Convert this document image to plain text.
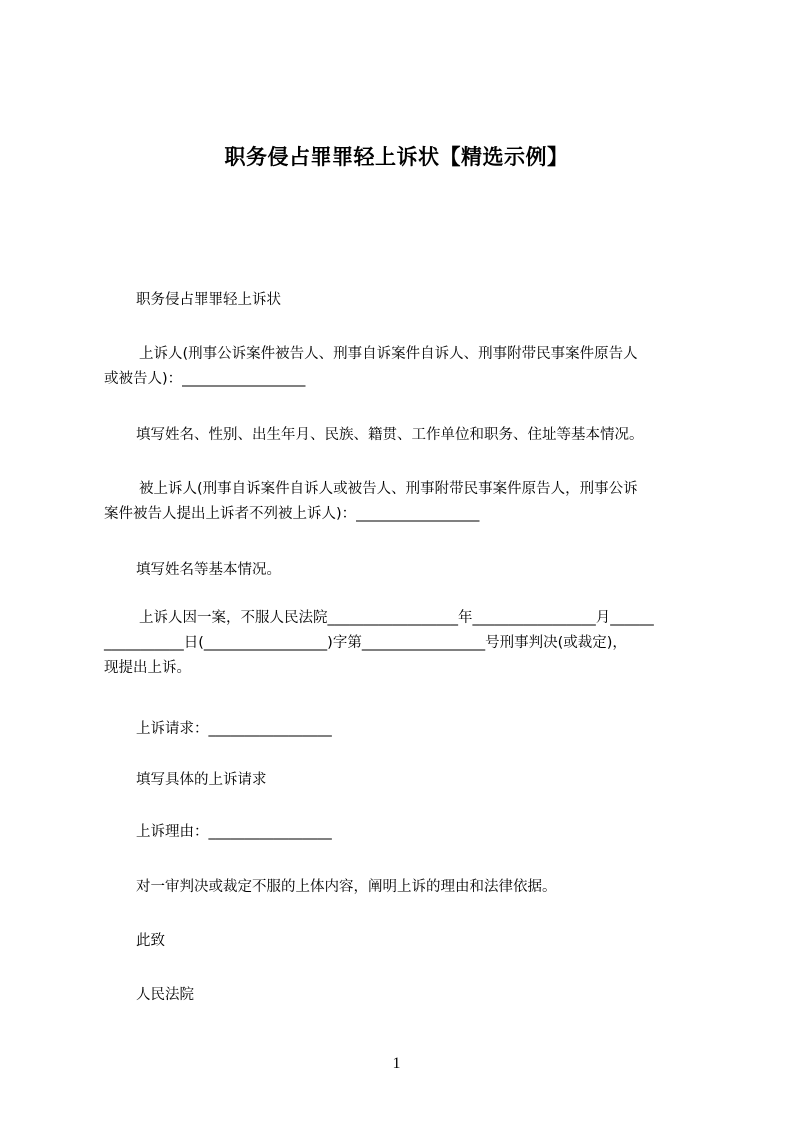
职务侵占罪罪轻上诉状【精选示例】
职务侵占罪罪轻上诉状
上诉人(刑事公诉案件被告人、刑事自诉案件自诉人、刑事附带民事案件原告人
或被告人)：_________________
填写姓名、性别、出生年月、民族、籍贯、工作单位和职务、住址等基本情况。
被上诉人(刑事自诉案件自诉人或被告人、刑事附带民事案件原告人，刑事公诉
案件被告人提出上诉者不列被上诉人)：_________________
填写姓名等基本情况。
上诉人因一案，不服人民法院__________________年_________________月______
___________日(_________________)字第_________________号刑事判决(或裁定)，
现提出上诉。
上诉请求：_________________
填写具体的上诉请求
上诉理由：_________________
对一审判决或裁定不服的上体内容，阐明上诉的理由和法律依据。
此致
人民法院
1
